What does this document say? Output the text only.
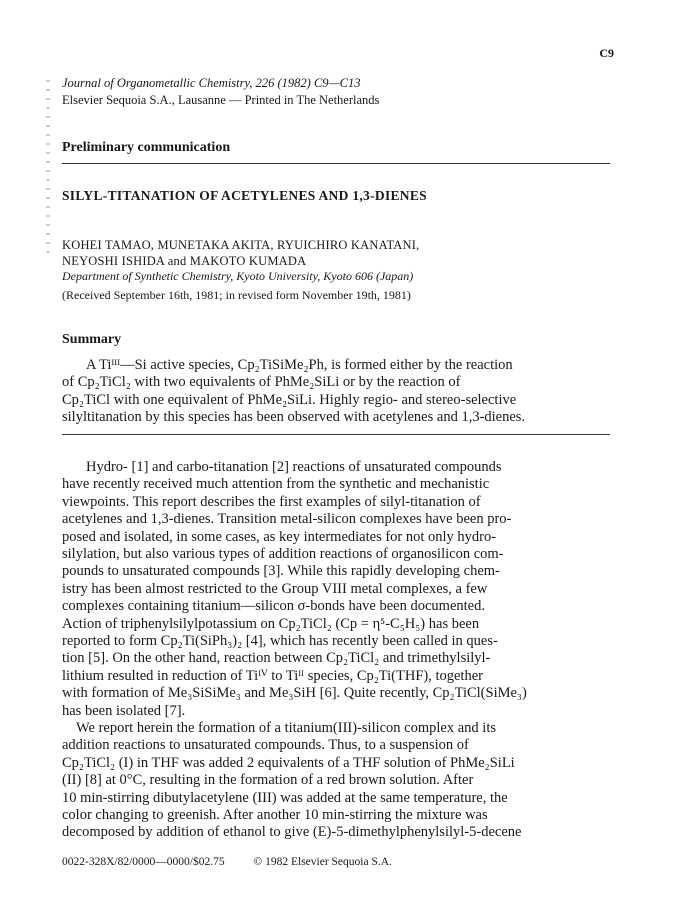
C9
Journal of Organometallic Chemistry, 226 (1982) C9—C13
Elsevier Sequoia S.A., Lausanne — Printed in The Netherlands
Preliminary communication
SILYL-TITANATION OF ACETYLENES AND 1,3-DIENES
KOHEI TAMAO, MUNETAKA AKITA, RYUICHIRO KANATANI,
NEYOSHI ISHIDA and MAKOTO KUMADA
Department of Synthetic Chemistry, Kyoto University, Kyoto 606 (Japan)
(Received September 16th, 1981; in revised form November 19th, 1981)
Summary
A Tiᴵᴵᴵ—Si active species, Cp₂TiSiMe₂Ph, is formed either by the reaction
of Cp₂TiCl₂ with two equivalents of PhMe₂SiLi or by the reaction of
Cp₂TiCl with one equivalent of PhMe₂SiLi. Highly regio- and stereo-selective
silyltitanation by this species has been observed with acetylenes and 1,3-dienes.
Hydro- [1] and carbo-titanation [2] reactions of unsaturated compounds
have recently received much attention from the synthetic and mechanistic
viewpoints. This report describes the first examples of silyl-titanation of
acetylenes and 1,3-dienes. Transition metal-silicon complexes have been pro-
posed and isolated, in some cases, as key intermediates for not only hydro-
silylation, but also various types of addition reactions of organosilicon com-
pounds to unsaturated compounds [3]. While this rapidly developing chem-
istry has been almost restricted to the Group VIII metal complexes, a few
complexes containing titanium—silicon σ-bonds have been documented.
Action of triphenylsilylpotassium on Cp₂TiCl₂ (Cp = η⁵-C₅H₅) has been
reported to form Cp₂Ti(SiPh₃)₂ [4], which has recently been called in ques-
tion [5]. On the other hand, reaction between Cp₂TiCl₂ and trimethylsilyl-
lithium resulted in reduction of Tiᴵⱽ to Tiᴵᴵ species, Cp₂Ti(THF), together
with formation of Me₃SiSiMe₃ and Me₃SiH [6]. Quite recently, Cp₂TiCl(SiMe₃)
has been isolated [7].
We report herein the formation of a titanium(III)-silicon complex and its
addition reactions to unsaturated compounds. Thus, to a suspension of
Cp₂TiCl₂ (I) in THF was added 2 equivalents of a THF solution of PhMe₂SiLi
(II) [8] at 0°C, resulting in the formation of a red brown solution. After
10 min-stirring dibutylacetylene (III) was added at the same temperature, the
color changing to greenish. After another 10 min-stirring the mixture was
decomposed by addition of ethanol to give (E)-5-dimethylphenylsilyl-5-decene
0022-328X/82/0000—0000/$02.75	© 1982 Elsevier Sequoia S.A.
